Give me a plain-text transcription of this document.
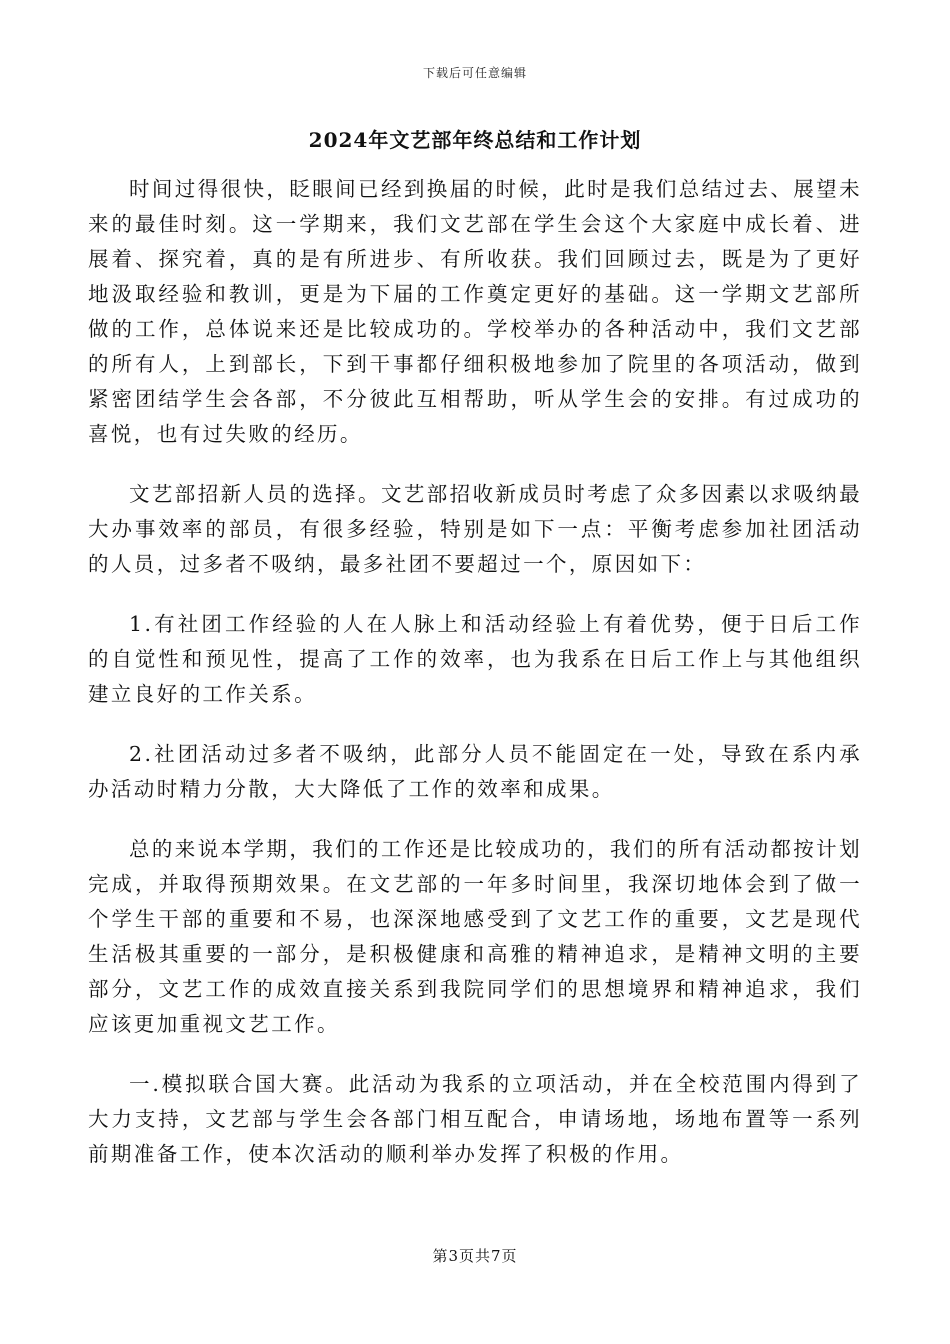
下载后可任意编辑
2024年文艺部年终总结和工作计划

时间过得很快，眨眼间已经到换届的时候，此时是我们总结过去、展望未来的最佳时刻。这一学期来，我们文艺部在学生会这个大家庭中成长着、进展着、探究着，真的是有所进步、有所收获。我们回顾过去，既是为了更好地汲取经验和教训，更是为下届的工作奠定更好的基础。这一学期文艺部所做的工作，总体说来还是比较成功的。学校举办的各种活动中，我们文艺部的所有人，上到部长，下到干事都仔细积极地参加了院里的各项活动，做到紧密团结学生会各部，不分彼此互相帮助，听从学生会的安排。有过成功的喜悦，也有过失败的经历。

文艺部招新人员的选择。文艺部招收新成员时考虑了众多因素以求吸纳最大办事效率的部员，有很多经验，特别是如下一点：平衡考虑参加社团活动的人员，过多者不吸纳，最多社团不要超过一个，原因如下：

1.有社团工作经验的人在人脉上和活动经验上有着优势，便于日后工作的自觉性和预见性，提高了工作的效率，也为我系在日后工作上与其他组织建立良好的工作关系。

2.社团活动过多者不吸纳，此部分人员不能固定在一处，导致在系内承办活动时精力分散，大大降低了工作的效率和成果。

总的来说本学期，我们的工作还是比较成功的，我们的所有活动都按计划完成，并取得预期效果。在文艺部的一年多时间里，我深切地体会到了做一个学生干部的重要和不易，也深深地感受到了文艺工作的重要，文艺是现代生活极其重要的一部分，是积极健康和高雅的精神追求，是精神文明的主要部分，文艺工作的成效直接关系到我院同学们的思想境界和精神追求，我们应该更加重视文艺工作。

一.模拟联合国大赛。此活动为我系的立项活动，并在全校范围内得到了大力支持，文艺部与学生会各部门相互配合，申请场地，场地布置等一系列前期准备工作，使本次活动的顺利举办发挥了积极的作用。

第3页共7页
